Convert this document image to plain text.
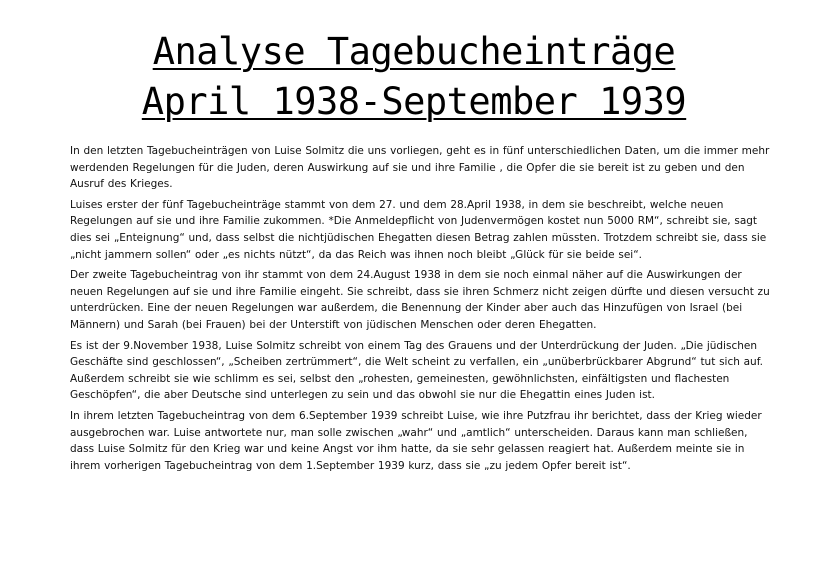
Analyse Tagebucheinträge
April 1938-September 1939

In den letzten Tagebucheinträgen von Luise Solmitz die uns vorliegen, geht es in fünf unterschiedlichen Daten, um die immer mehr werdenden Regelungen für die Juden, deren Auswirkung auf sie und ihre Familie , die Opfer die sie bereit ist zu geben und den Ausruf des Krieges.

Luises erster der fünf Tagebucheinträge stammt von dem 27. und dem 28.April 1938, in dem sie beschreibt, welche neuen Regelungen auf sie und ihre Familie zukommen. *Die Anmeldepflicht von Judenvermögen kostet nun 5000 RM“, schreibt sie, sagt dies sei „Enteignung“ und, dass selbst die nichtjüdischen Ehegatten diesen Betrag zahlen müssten. Trotzdem schreibt sie, dass sie „nicht jammern sollen“ oder „es nichts nützt“, da das Reich was ihnen noch bleibt „Glück für sie beide sei“.

Der zweite Tagebucheintrag von ihr stammt von dem 24.August 1938 in dem sie noch einmal näher auf die Auswirkungen der neuen Regelungen auf sie und ihre Familie eingeht. Sie schreibt, dass sie ihren Schmerz nicht zeigen dürfte und diesen versucht zu unterdrücken. Eine der neuen Regelungen war außerdem, die Benennung der Kinder aber auch das Hinzufügen von Israel (bei Männern) und Sarah (bei Frauen) bei der Unterstift von jüdischen Menschen oder deren Ehegatten.

Es ist der 9.November 1938, Luise Solmitz schreibt von einem Tag des Grauens und der Unterdrückung der Juden. „Die jüdischen Geschäfte sind geschlossen“, „Scheiben zertrümmert“, die Welt scheint zu verfallen, ein „unüberbrückbarer Abgrund“ tut sich auf. Außerdem schreibt sie wie schlimm es sei, selbst den „rohesten, gemeinesten, gewöhnlichsten, einfältigsten und flachesten Geschöpfen“, die aber Deutsche sind unterlegen zu sein und das obwohl sie nur die Ehegattin eines Juden ist.

In ihrem letzten Tagebucheintrag von dem 6.September 1939 schreibt Luise, wie ihre Putzfrau ihr berichtet, dass der Krieg wieder ausgebrochen war. Luise antwortete nur, man solle zwischen „wahr“ und „amtlich“ unterscheiden. Daraus kann man schließen, dass Luise Solmitz für den Krieg war und keine Angst vor ihm hatte, da sie sehr gelassen reagiert hat. Außerdem meinte sie in ihrem vorherigen Tagebucheintrag von dem 1.September 1939 kurz, dass sie „zu jedem Opfer bereit ist“.
